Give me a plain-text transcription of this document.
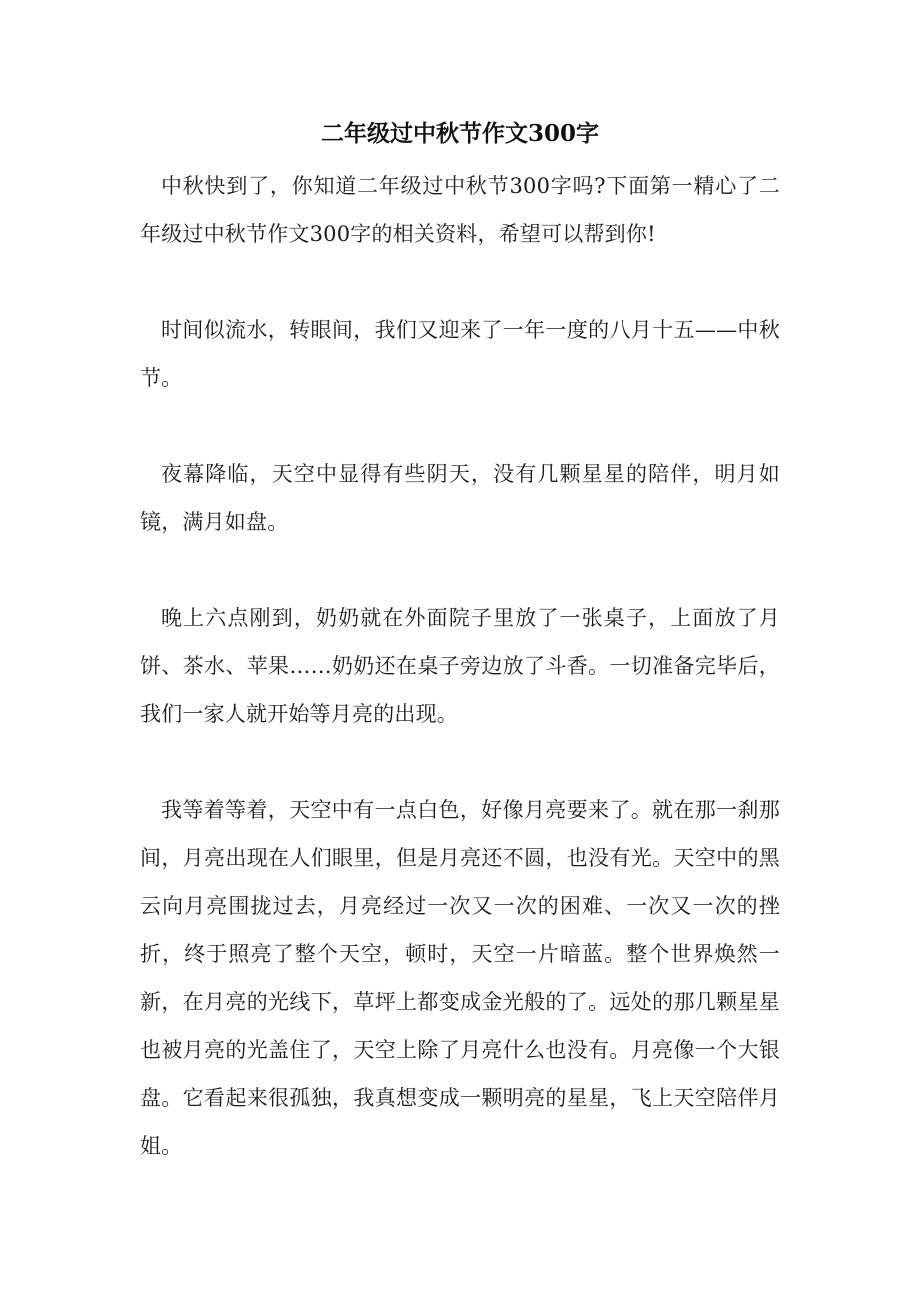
二年级过中秋节作文300字

中秋快到了，你知道二年级过中秋节300字吗?下面第一精心了二年级过中秋节作文300字的相关资料，希望可以帮到你!

时间似流水，转眼间，我们又迎来了一年一度的八月十五——中秋节。

夜幕降临，天空中显得有些阴天，没有几颗星星的陪伴，明月如镜，满月如盘。

晚上六点刚到，奶奶就在外面院子里放了一张桌子，上面放了月饼、茶水、苹果……奶奶还在桌子旁边放了斗香。一切准备完毕后，我们一家人就开始等月亮的出现。

我等着等着，天空中有一点白色，好像月亮要来了。就在那一刹那间，月亮出现在人们眼里，但是月亮还不圆，也没有光。天空中的黑云向月亮围拢过去，月亮经过一次又一次的困难、一次又一次的挫折，终于照亮了整个天空，顿时，天空一片暗蓝。整个世界焕然一新，在月亮的光线下，草坪上都变成金光般的了。远处的那几颗星星也被月亮的光盖住了，天空上除了月亮什么也没有。月亮像一个大银盘。它看起来很孤独，我真想变成一颗明亮的星星，飞上天空陪伴月姐。
